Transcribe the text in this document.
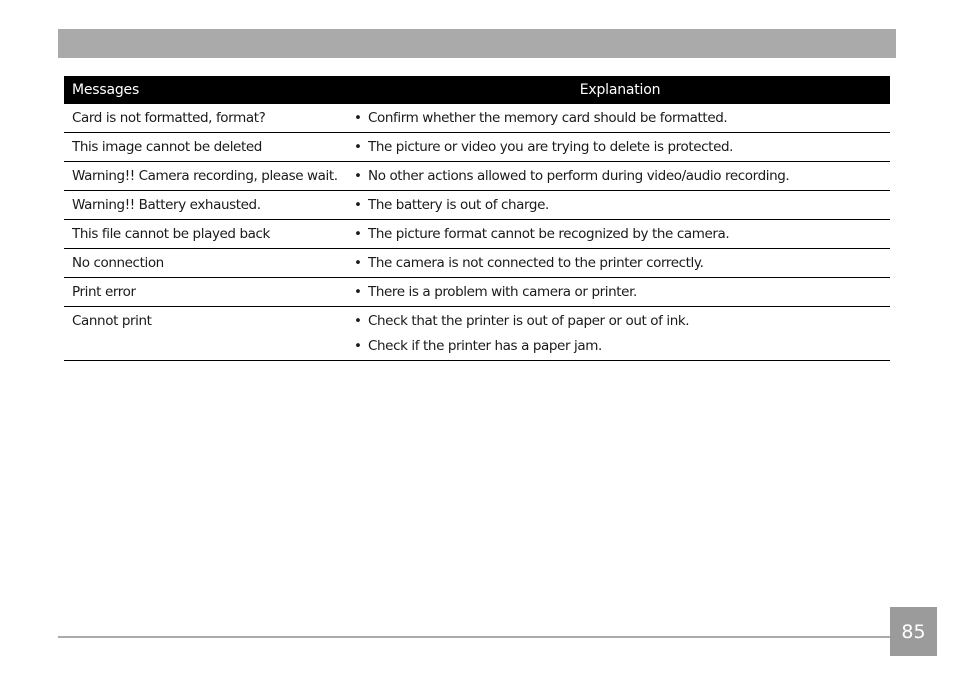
Messages	Explanation
Card is not formatted, format?	• Confirm whether the memory card should be formatted.

This image cannot be deleted	• The picture or video you are trying to delete is protected.

Warning!! Camera recording, please wait.	• No other actions allowed to perform during video/audio recording.

Warning!! Battery exhausted.	• The battery is out of charge.

This file cannot be played back	• The picture format cannot be recognized by the camera.

No connection	• The camera is not connected to the printer correctly.

Print error	• There is a problem with camera or printer.

Cannot print	• Check that the printer is out of paper or out of ink.
• Check if the printer has a paper jam.
85
